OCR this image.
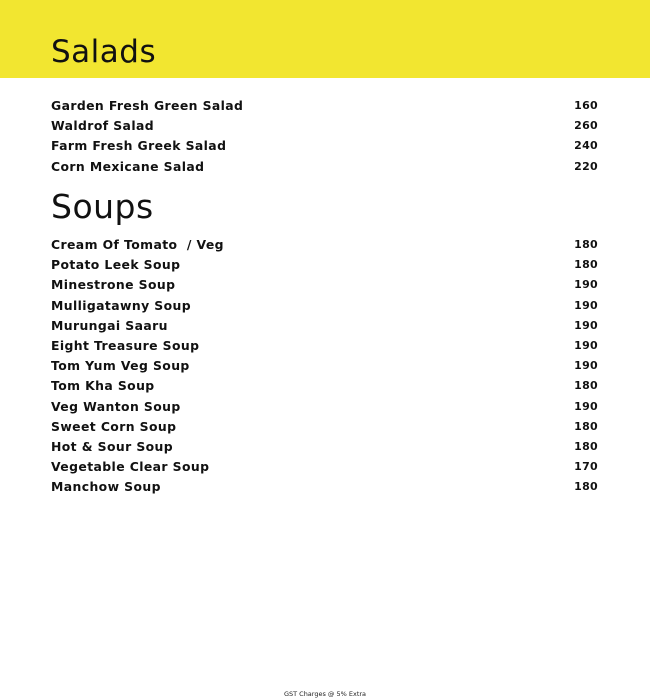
Salads
Garden Fresh Green Salad	160
Waldrof Salad	260
Farm Fresh Greek Salad	240
Corn Mexicane Salad	220
Soups
Cream Of Tomato  / Veg	180
Potato Leek Soup	180
Minestrone Soup	190
Mulligatawny Soup	190
Murungai Saaru	190
Eight Treasure Soup	190
Tom Yum Veg Soup	190
Tom Kha Soup	180
Veg Wanton Soup	190
Sweet Corn Soup	180
Hot & Sour Soup	180
Vegetable Clear Soup	170
Manchow Soup	180
GST Charges @ 5% Extra
